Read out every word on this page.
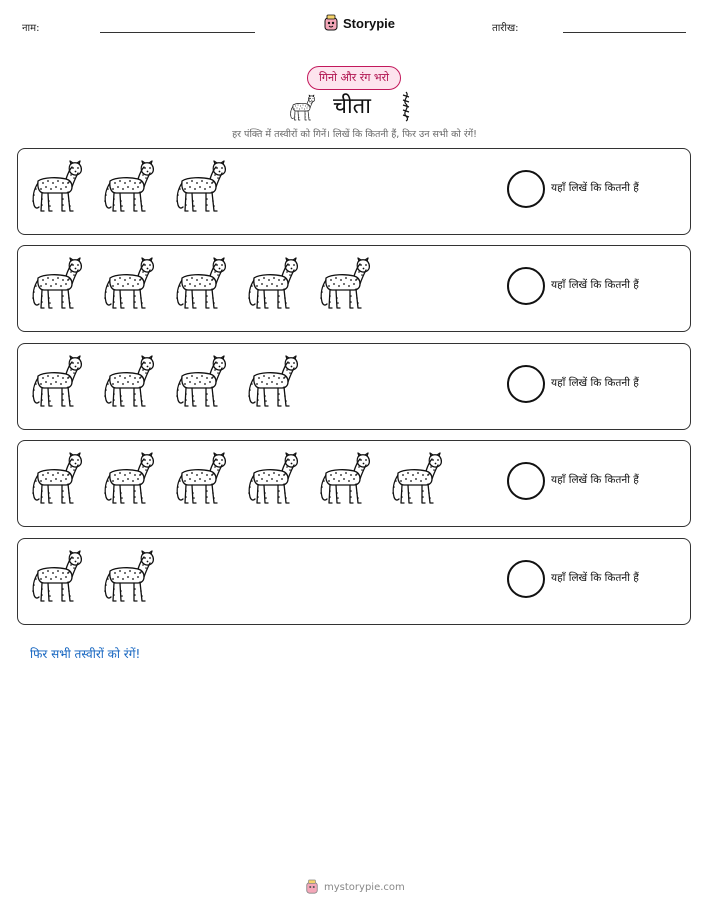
नाम:	Storypie	तारीख:
गिनो और रंग भरो
चीता
हर पंक्ति में तस्वीरों को गिनें। लिखें कि कितनी हैं, फिर उन सभी को रंगें!
यहाँ लिखें कि कितनी हैं
यहाँ लिखें कि कितनी हैं
यहाँ लिखें कि कितनी हैं
यहाँ लिखें कि कितनी हैं
यहाँ लिखें कि कितनी हैं
फिर सभी तस्वीरों को रंगें!
mystorypie.com
